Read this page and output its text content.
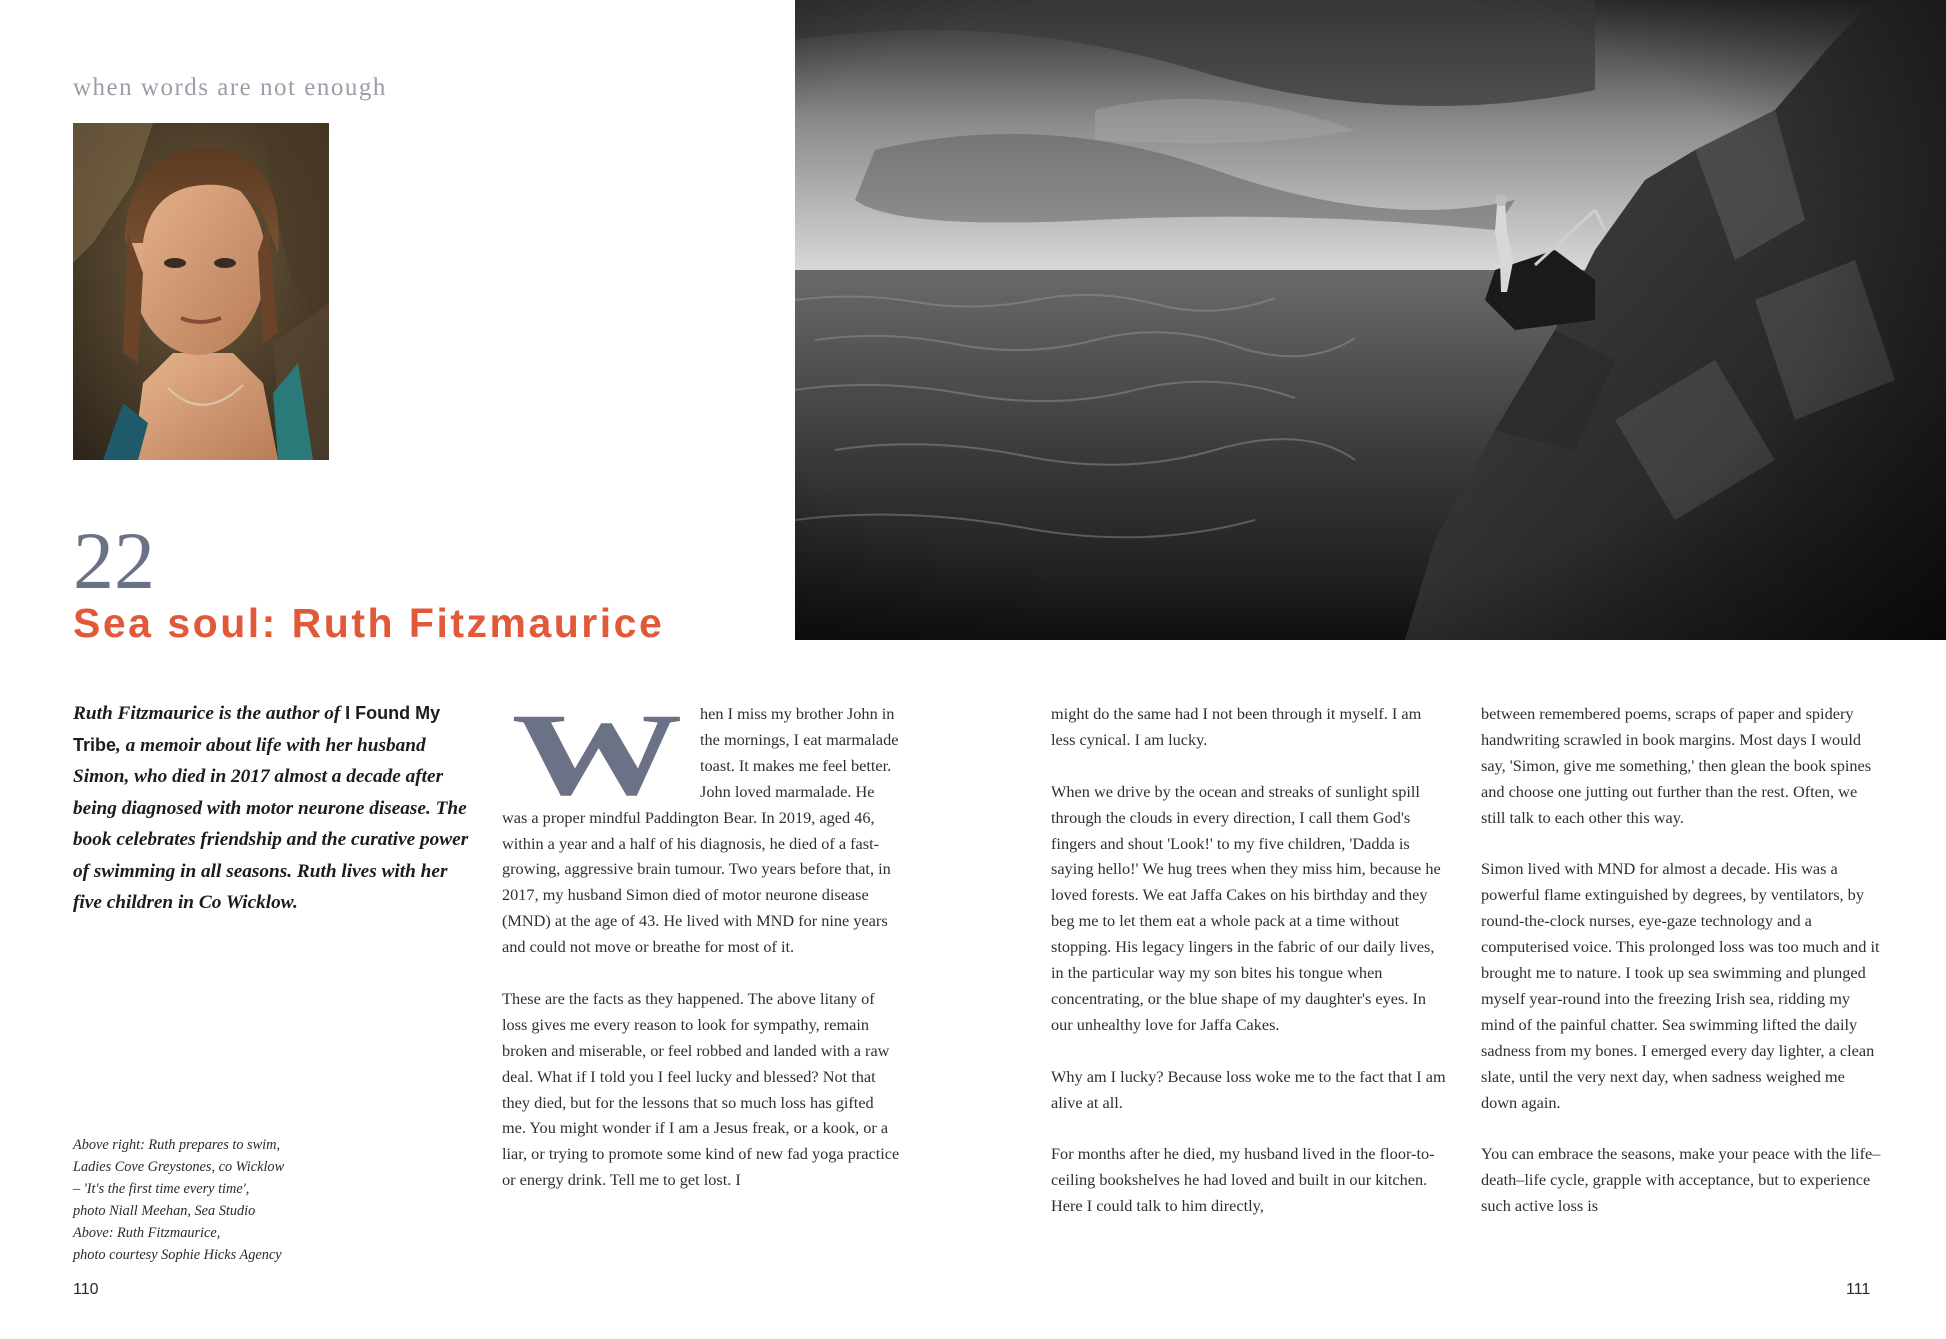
when words are not enough
22
Sea soul: Ruth Fitzmaurice
Ruth Fitzmaurice is the author of I Found My Tribe, a memoir about life with her husband Simon, who died in 2017 almost a decade after being diagnosed with motor neurone disease. The book celebrates friendship and the curative power of swimming in all seasons. Ruth lives with her five children in Co Wicklow.
Above right: Ruth prepares to swim,
Ladies Cove Greystones, co Wicklow
– 'It's the first time every time',
photo Niall Meehan, Sea Studio
Above: Ruth Fitzmaurice,
photo courtesy Sophie Hicks Agency
W	hen I miss my brother John in the mornings, I eat marmalade toast. It makes me feel better. John loved marmalade. He was a proper mindful Paddington Bear. In 2019, aged 46, within a year and a half of his diagnosis, he died of a fast-growing, aggressive brain tumour. Two years before that, in 2017, my husband Simon died of motor neurone disease (MND) at the age of 43. He lived with MND for nine years and could not move or breathe for most of it.

These are the facts as they happened. The above litany of loss gives me every reason to look for sympathy, remain broken and miserable, or feel robbed and landed with a raw deal. What if I told you I feel lucky and blessed? Not that they died, but for the lessons that so much loss has gifted me. You might wonder if I am a Jesus freak, or a kook, or a liar, or trying to promote some kind of new fad yoga practice or energy drink. Tell me to get lost. I

might do the same had I not been through it myself. I am less cynical. I am lucky.

When we drive by the ocean and streaks of sunlight spill through the clouds in every direction, I call them God's fingers and shout 'Look!' to my five children, 'Dadda is saying hello!' We hug trees when they miss him, because he loved forests. We eat Jaffa Cakes on his birthday and they beg me to let them eat a whole pack at a time without stopping. His legacy lingers in the fabric of our daily lives, in the particular way my son bites his tongue when concentrating, or the blue shape of my daughter's eyes. In our unhealthy love for Jaffa Cakes.

Why am I lucky? Because loss woke me to the fact that I am alive at all.

For months after he died, my husband lived in the floor-to-ceiling bookshelves he had loved and built in our kitchen. Here I could talk to him directly,

between remembered poems, scraps of paper and spidery handwriting scrawled in book margins. Most days I would say, 'Simon, give me something,' then glean the book spines and choose one jutting out further than the rest. Often, we still talk to each other this way.

Simon lived with MND for almost a decade. His was a powerful flame extinguished by degrees, by ventilators, by round-the-clock nurses, eye-gaze technology and a computerised voice. This prolonged loss was too much and it brought me to nature. I took up sea swimming and plunged myself year-round into the freezing Irish sea, ridding my mind of the painful chatter. Sea swimming lifted the daily sadness from my bones. I emerged every day lighter, a clean slate, until the very next day, when sadness weighed me down again.

You can embrace the seasons, make your peace with the life–death–life cycle, grapple with acceptance, but to experience such active loss is

110	111
